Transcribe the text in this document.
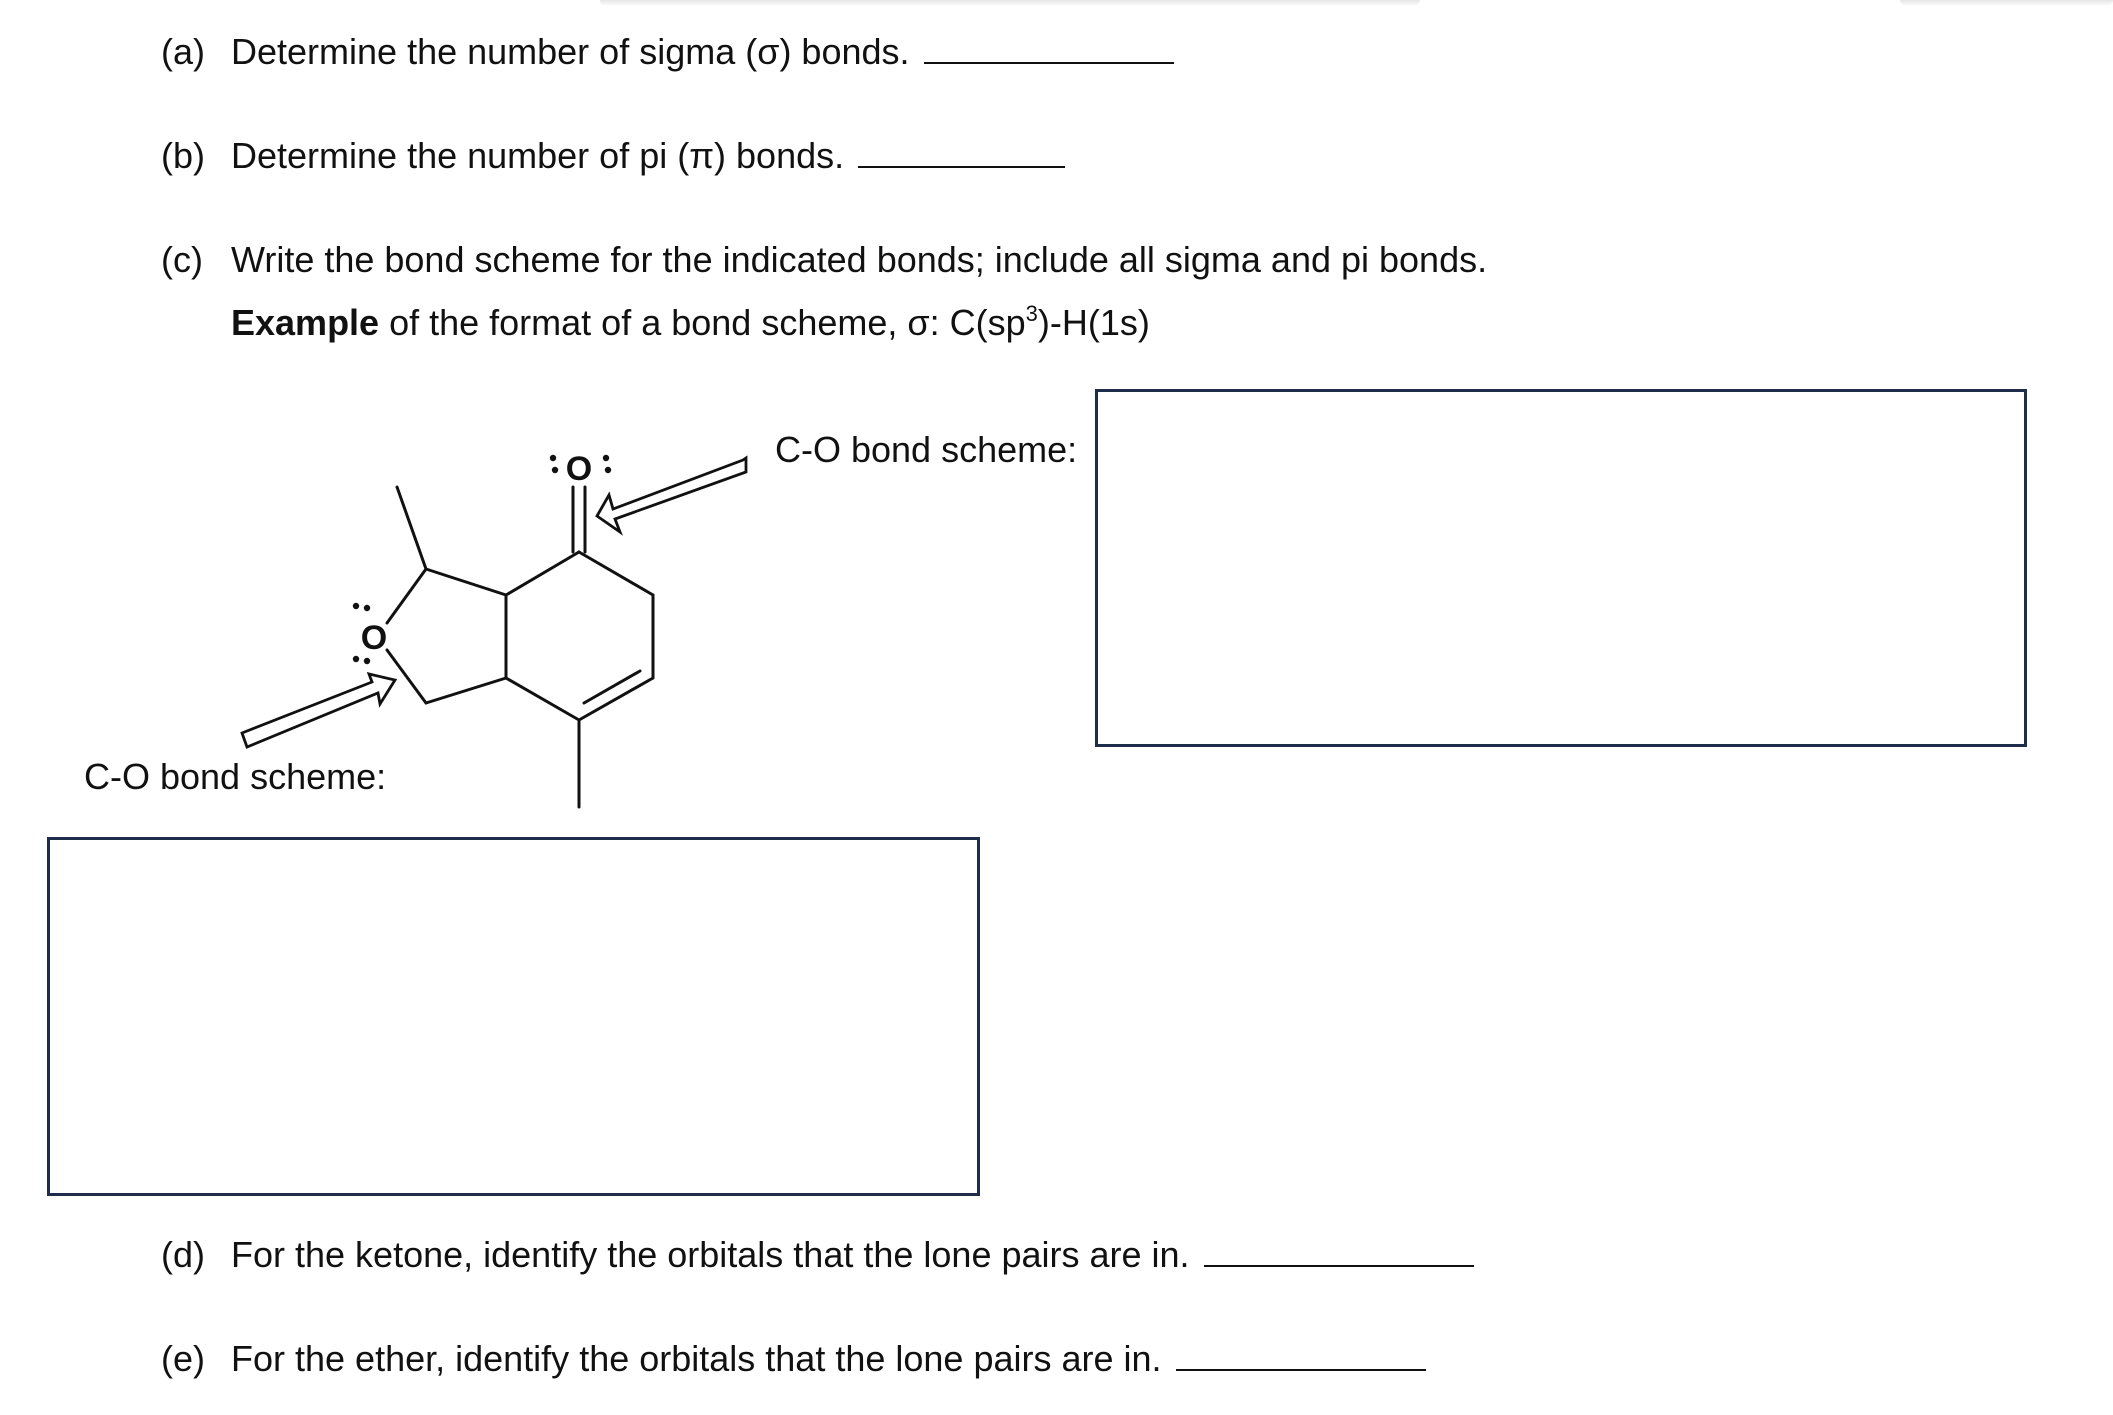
(a) Determine the number of sigma (σ) bonds.
(b) Determine the number of pi (π) bonds.
(c) Write the bond scheme for the indicated bonds; include all sigma and pi bonds.
Example of the format of a bond scheme, σ: $C(sp^3)-H(1s)$
C-O bond scheme:
C-O bond scheme:
O
O
(d) For the ketone, identify the orbitals that the lone pairs are in.
(e) For the ether, identify the orbitals that the lone pairs are in.
